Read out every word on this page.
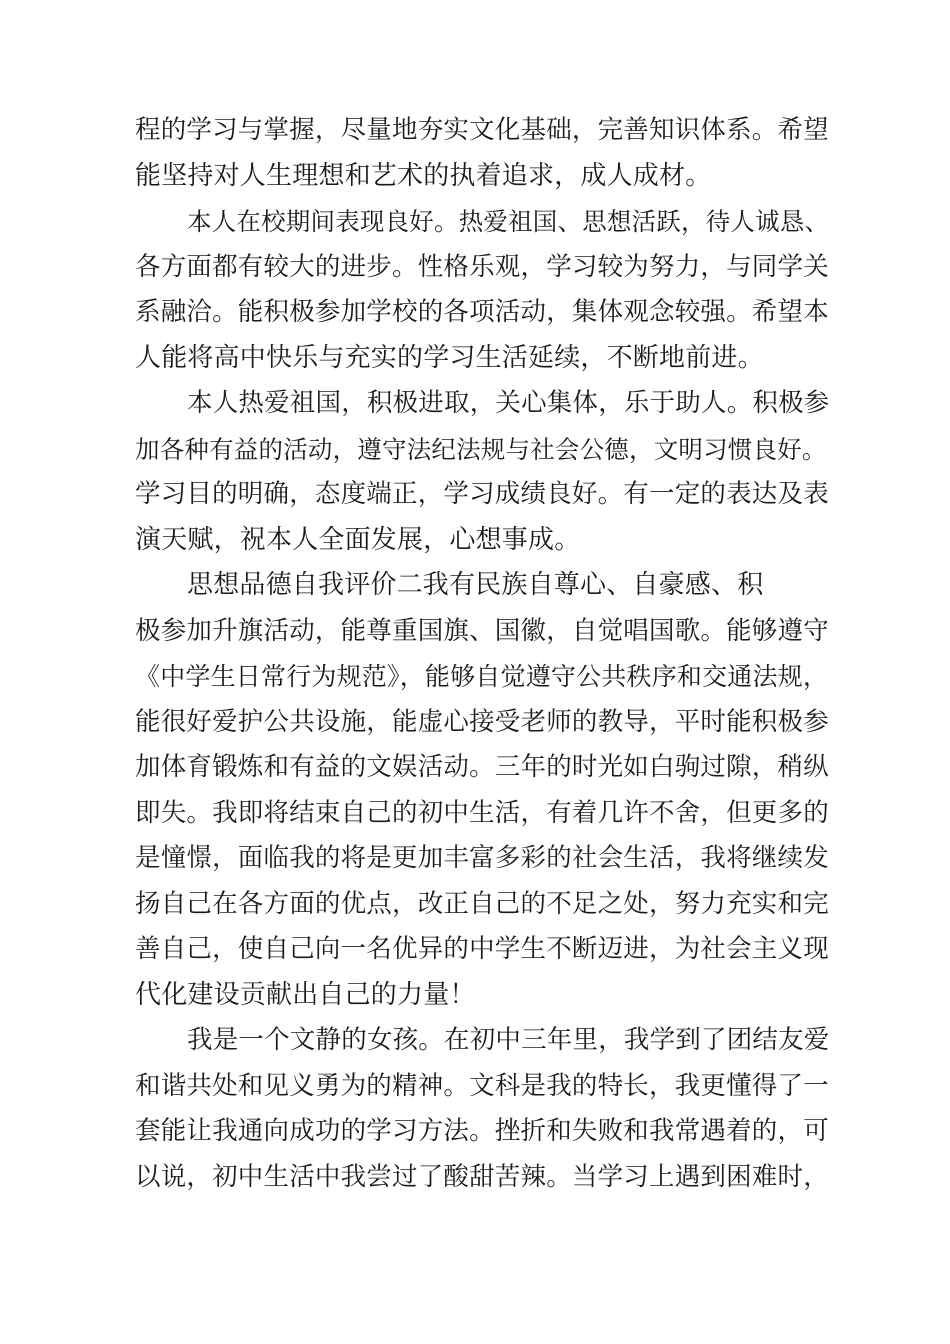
程的学习与掌握，尽量地夯实文化基础，完善知识体系。希望
能坚持对人生理想和艺术的执着追求，成人成材。
本人在校期间表现良好。热爱祖国、思想活跃，待人诚恳、
各方面都有较大的进步。性格乐观，学习较为努力，与同学关
系融洽。能积极参加学校的各项活动，集体观念较强。希望本
人能将高中快乐与充实的学习生活延续，不断地前进。
本人热爱祖国，积极进取，关心集体，乐于助人。积极参
加各种有益的活动，遵守法纪法规与社会公德，文明习惯良好。
学习目的明确，态度端正，学习成绩良好。有一定的表达及表
演天赋，祝本人全面发展，心想事成。
思想品德自我评价二我有民族自尊心、自豪感、积
极参加升旗活动，能尊重国旗、国徽，自觉唱国歌。能够遵守
《中学生日常行为规范》，能够自觉遵守公共秩序和交通法规，
能很好爱护公共设施，能虚心接受老师的教导，平时能积极参
加体育锻炼和有益的文娱活动。三年的时光如白驹过隙，稍纵
即失。我即将结束自己的初中生活，有着几许不舍，但更多的
是憧憬，面临我的将是更加丰富多彩的社会生活，我将继续发
扬自己在各方面的优点，改正自己的不足之处，努力充实和完
善自己，使自己向一名优异的中学生不断迈进，为社会主义现
代化建设贡献出自己的力量！
我是一个文静的女孩。在初中三年里，我学到了团结友爱
和谐共处和见义勇为的精神。文科是我的特长，我更懂得了一
套能让我通向成功的学习方法。挫折和失败和我常遇着的，可
以说，初中生活中我尝过了酸甜苦辣。当学习上遇到困难时，
